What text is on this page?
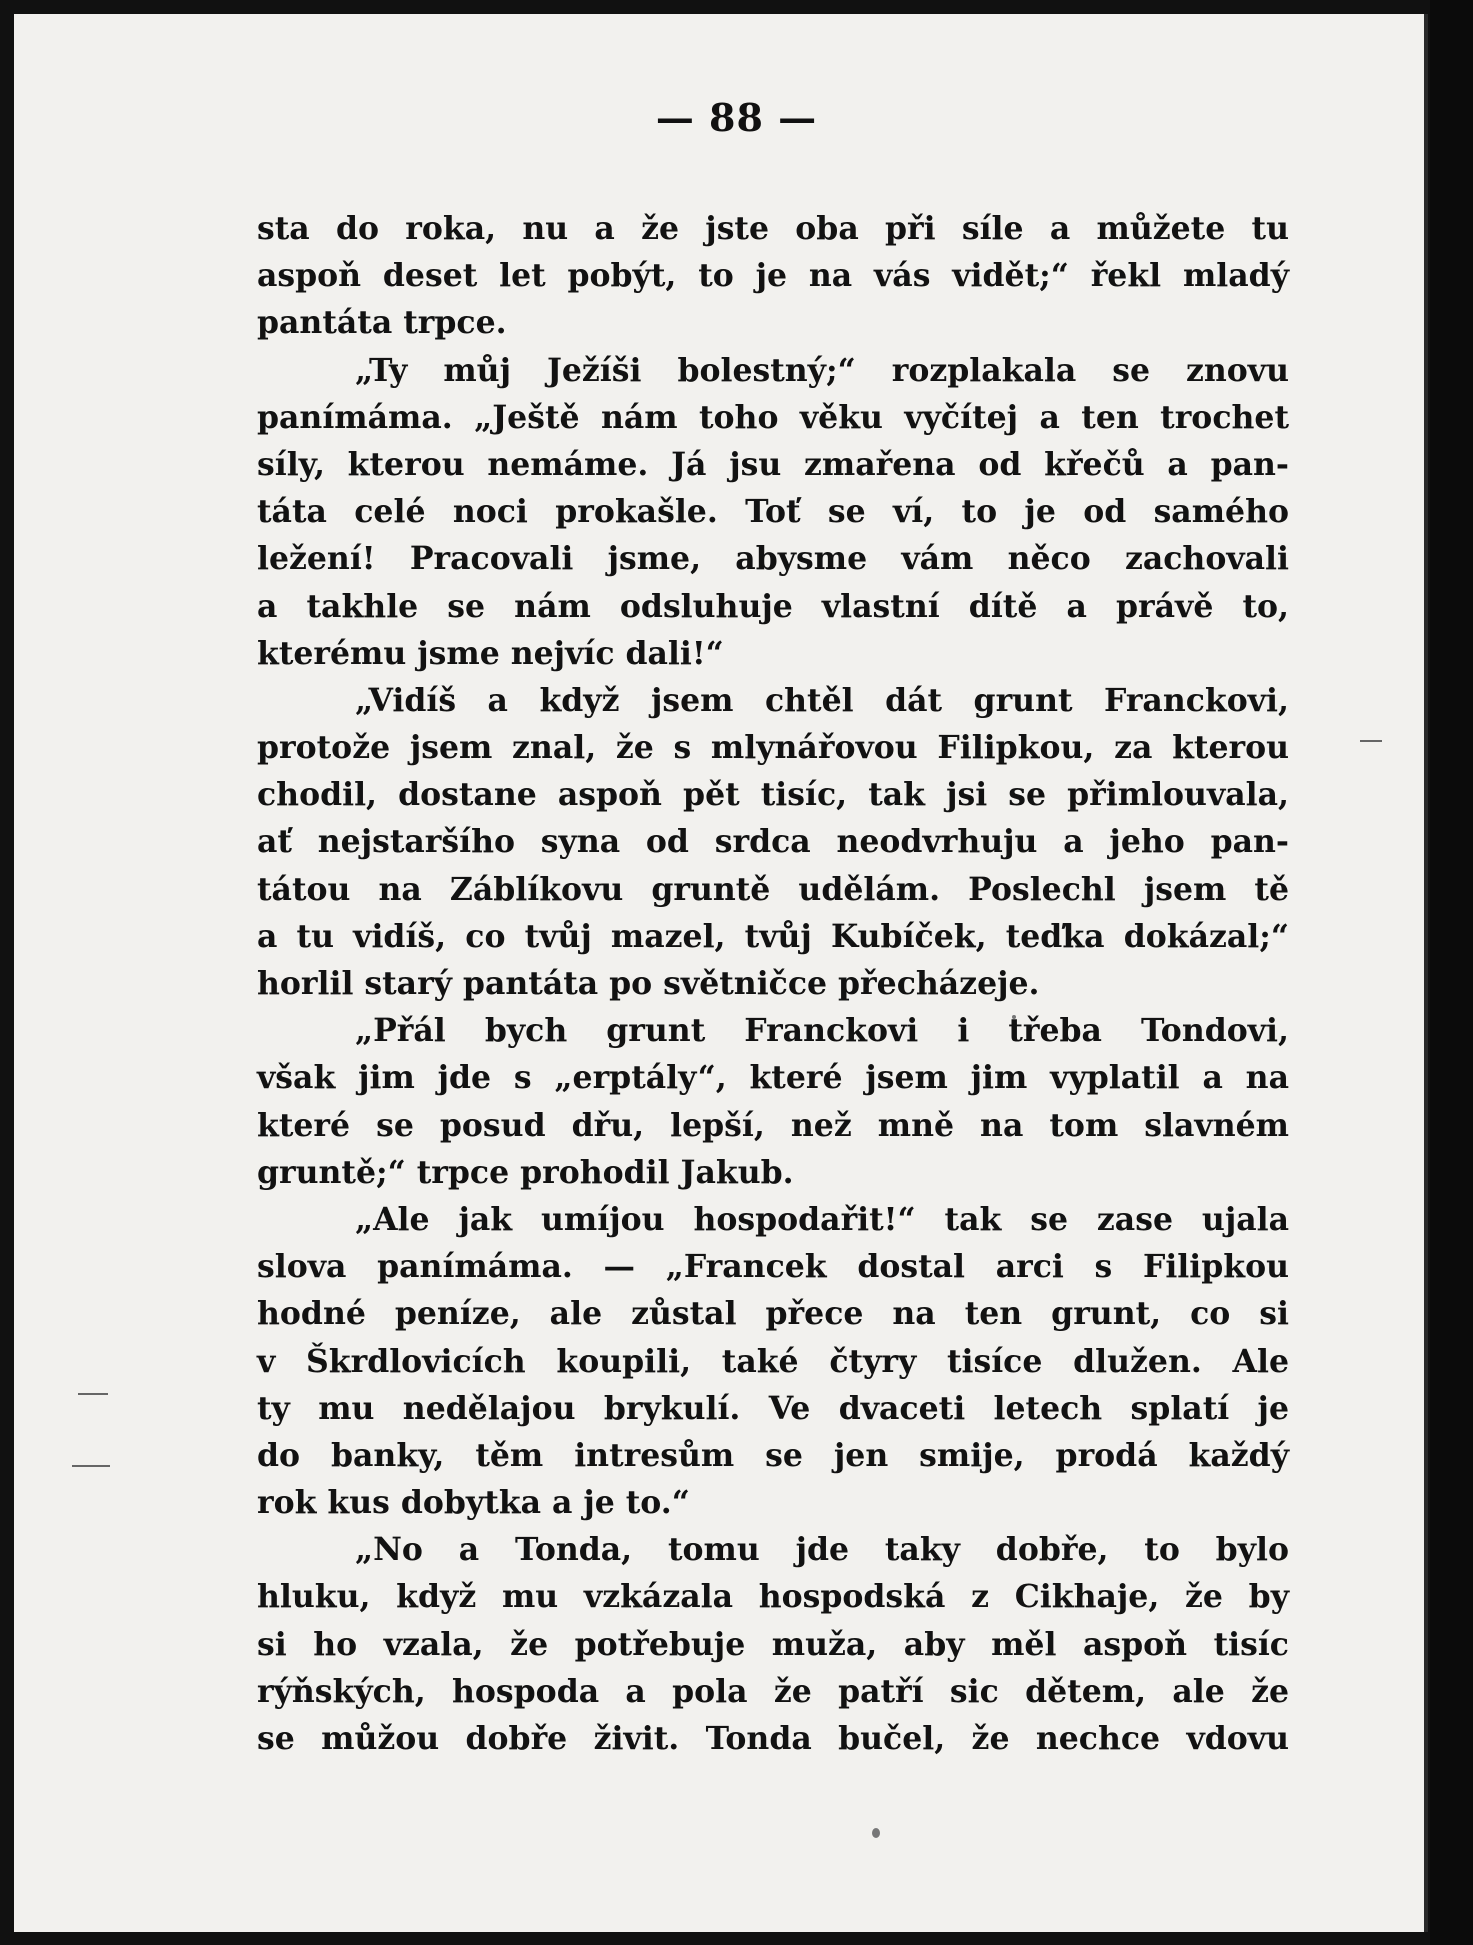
— 88 —
sta do roka, nu a že jste oba při síle a můžete tu
aspoň deset let pobýt, to je na vás vidět;“ řekl mladý
pantáta trpce.
„Ty můj Ježíši bolestný;“ rozplakala se znovu
panímáma. „Ještě nám toho věku vyčítej a ten trochet
síly, kterou nemáme. Já jsu zmařena od křečů a pan-
táta celé noci prokašle. Toť se ví, to je od samého
ležení! Pracovali jsme, abysme vám něco zachovali
a takhle se nám odsluhuje vlastní dítě a právě to,
kterému jsme nejvíc dali!“
„Vidíš a když jsem chtěl dát grunt Franckovi,
protože jsem znal, že s mlynářovou Filipkou, za kterou
chodil, dostane aspoň pět tisíc, tak jsi se přimlouvala,
ať nejstaršího syna od srdca neodvrhuju a jeho pan-
tátou na Záblíkovu gruntě udělám. Poslechl jsem tě
a tu vidíš, co tvůj mazel, tvůj Kubíček, teďka dokázal;“
horlil starý pantáta po světničce přecházeje.
„Přál bych grunt Franckovi i třeba Tondovi,
však jim jde s „erptály“, které jsem jim vyplatil a na
které se posud dřu, lepší, než mně na tom slavném
gruntě;“ trpce prohodil Jakub.
„Ale jak umíjou hospodařit!“ tak se zase ujala
slova panímáma. — „Francek dostal arci s Filipkou
hodné peníze, ale zůstal přece na ten grunt, co si
v Škrdlovicích koupili, také čtyry tisíce dlužen. Ale
ty mu nedělajou brykulí. Ve dvaceti letech splatí je
do banky, těm intresům se jen smije, prodá každý
rok kus dobytka a je to.“
„No a Tonda, tomu jde taky dobře, to bylo
hluku, když mu vzkázala hospodská z Cikhaje, že by
si ho vzala, že potřebuje muža, aby měl aspoň tisíc
rýňských, hospoda a pola že patří sic dětem, ale že
se můžou dobře živit. Tonda bučel, že nechce vdovu
